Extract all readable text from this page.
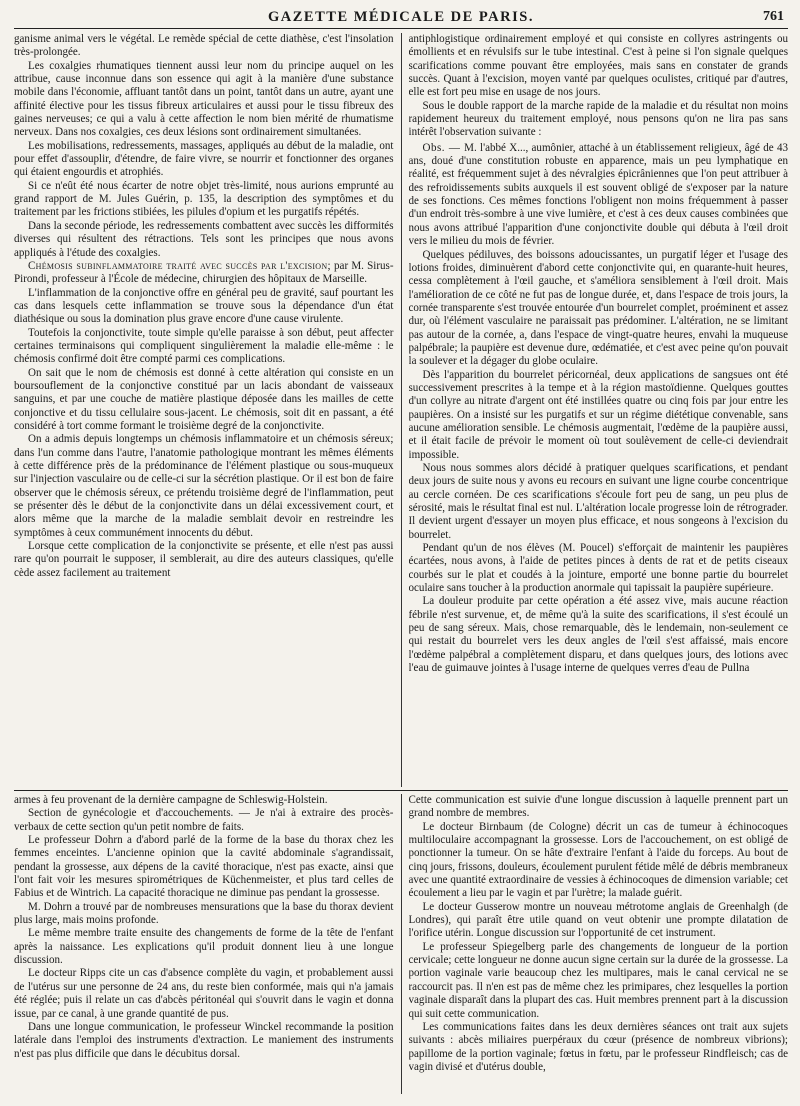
GAZETTE MÉDICALE DE PARIS.	761

ganisme animal vers le végétal. Le remède spécial de cette diathèse, c'est l'insolation très-prolongée.

Les coxalgies rhumatiques tiennent aussi leur nom du principe auquel on les attribue, cause inconnue dans son essence qui agit à la manière d'une substance mobile dans l'économie, affluant tantôt dans un point, tantôt dans un autre, ayant une affinité élective pour les tissus fibreux articulaires et aussi pour le tissu fibreux des gaines nerveuses; ce qui a valu à cette affection le nom bien mérité de rhumatisme nerveux. Dans nos coxalgies, ces deux lésions sont ordinairement simultanées.

Les mobilisations, redressements, massages, appliqués au début de la maladie, ont pour effet d'assouplir, d'étendre, de faire vivre, se nourrir et fonctionner des organes qui étaient engourdis et atrophiés.

Si ce n'eût été nous écarter de notre objet très-limité, nous aurions emprunté au grand rapport de M. Jules Guérin, p. 135, la description des symptômes et du traitement par les frictions stibiées, les pilules d'opium et les purgatifs répétés.

Dans la seconde période, les redressements combattent avec succès les difformités diverses qui résultent des rétractions. Tels sont les principes que nous avons appliqués à l'étude des coxalgies.

Chémosis subinflammatoire traité avec succès par l'excision; par M. Sirus-Pirondi, professeur à l'École de médecine, chirurgien des hôpitaux de Marseille.

L'inflammation de la conjonctive offre en général peu de gravité, sauf pourtant les cas dans lesquels cette inflammation se trouve sous la dépendance d'un état diathésique ou sous la domination plus grave encore d'une cause virulente.

Toutefois la conjonctivite, toute simple qu'elle paraisse à son début, peut affecter certaines terminaisons qui compliquent singulièrement la maladie elle-même : le chémosis confirmé doit être compté parmi ces complications.

On sait que le nom de chémosis est donné à cette altération qui consiste en un boursouflement de la conjonctive constitué par un lacis abondant de vaisseaux sanguins, et par une couche de matière plastique déposée dans les mailles de cette conjonctive et du tissu cellulaire sous-jacent. Le chémosis, soit dit en passant, a été considéré à tort comme formant le troisième degré de la conjonctivite.

On a admis depuis longtemps un chémosis inflammatoire et un chémosis séreux; dans l'un comme dans l'autre, l'anatomie pathologique montrant les mêmes éléments à cette différence près de la prédominance de l'élément plastique ou sous-muqueux sur l'injection vasculaire ou de celle-ci sur la sécrétion plastique. Or il est bon de faire observer que le chémosis séreux, ce prétendu troisième degré de l'inflammation, peut se présenter dès le début de la conjonctivite dans un délai excessivement court, et alors même que la marche de la maladie semblait devoir en restreindre les symptômes à ceux communément innocents du début.

Lorsque cette complication de la conjonctivite se présente, et elle n'est pas aussi rare qu'on pourrait le supposer, il semblerait, au dire des auteurs classiques, qu'elle cède assez facilement au traitement

antiphlogistique ordinairement employé et qui consiste en collyres astringents ou émollients et en révulsifs sur le tube intestinal. C'est à peine si l'on signale quelques scarifications comme pouvant être employées, mais sans en constater de grands succès. Quant à l'excision, moyen vanté par quelques oculistes, critiqué par d'autres, elle est fort peu mise en usage de nos jours.

Sous le double rapport de la marche rapide de la maladie et du résultat non moins rapidement heureux du traitement employé, nous pensons qu'on ne lira pas sans intérêt l'observation suivante :

Obs. — M. l'abbé X..., aumônier, attaché à un établissement religieux, âgé de 43 ans, doué d'une constitution robuste en apparence, mais un peu lymphatique en réalité, est fréquemment sujet à des névralgies épicrâniennes que l'on peut attribuer à des refroidissements subits auxquels il est souvent obligé de s'exposer par la nature de ses fonctions. Ces mêmes fonctions l'obligent non moins fréquemment à passer d'un endroit très-sombre à une vive lumière, et c'est à ces deux causes combinées que nous avons attribué l'apparition d'une conjonctivite double qui débuta à l'œil droit vers le milieu du mois de février.

Quelques pédiluves, des boissons adoucissantes, un purgatif léger et l'usage des lotions froides, diminuèrent d'abord cette conjonctivite qui, en quarante-huit heures, cessa complètement à l'œil gauche, et s'améliora sensiblement à l'œil droit. Mais l'amélioration de ce côté ne fut pas de longue durée, et, dans l'espace de trois jours, la cornée transparente s'est trouvée entourée d'un bourrelet complet, proéminent et assez dur, où l'élément vasculaire ne paraissait pas prédominer. L'altération, ne se limitant pas autour de la cornée, a, dans l'espace de vingt-quatre heures, envahi la muqueuse palpébrale; la paupière est devenue dure, œdématiée, et c'est avec peine qu'on pouvait la soulever et la dégager du globe oculaire.

Dès l'apparition du bourrelet péricornéal, deux applications de sangsues ont été successivement prescrites à la tempe et à la région mastoïdienne. Quelques gouttes d'un collyre au nitrate d'argent ont été instillées quatre ou cinq fois par jour entre les paupières. On a insisté sur les purgatifs et sur un régime diététique convenable, sans aucune amélioration sensible. Le chémosis augmentait, l'œdème de la paupière aussi, et il était facile de prévoir le moment où tout soulèvement de celle-ci deviendrait impossible.

Nous nous sommes alors décidé à pratiquer quelques scarifications, et pendant deux jours de suite nous y avons eu recours en suivant une ligne courbe concentrique au cercle cornéen. De ces scarifications s'écoule fort peu de sang, un peu plus de sérosité, mais le résultat final est nul. L'altération locale progresse loin de rétrograder. Il devient urgent d'essayer un moyen plus efficace, et nous songeons à l'excision du bourrelet.

Pendant qu'un de nos élèves (M. Poucel) s'efforçait de maintenir les paupières écartées, nous avons, à l'aide de petites pinces à dents de rat et de petits ciseaux courbés sur le plat et coudés à la jointure, emporté une bonne partie du bourrelet oculaire sans toucher à la production anormale qui tapissait la paupière supérieure.

La douleur produite par cette opération a été assez vive, mais aucune réaction fébrile n'est survenue, et, de même qu'à la suite des scarifications, il s'est écoulé un peu de sang séreux. Mais, chose remarquable, dès le lendemain, non-seulement ce qui restait du bourrelet vers les deux angles de l'œil s'est affaissé, mais encore l'œdème palpébral a complètement disparu, et dans quelques jours, des lotions avec l'eau de guimauve jointes à l'usage interne de quelques verres d'eau de Pullna

armes à feu provenant de la dernière campagne de Schleswig-Holstein.

Section de gynécologie et d'accouchements. — Je n'ai à extraire des procès-verbaux de cette section qu'un petit nombre de faits.

Le professeur Dohrn a d'abord parlé de la forme de la base du thorax chez les femmes enceintes. L'ancienne opinion que la cavité abdominale s'agrandissait, pendant la grossesse, aux dépens de la cavité thoracique, n'est pas exacte, ainsi que l'ont fait voir les mesures spirométriques de Küchenmeister, et plus tard celles de Fabius et de Wintrich. La capacité thoracique ne diminue pas pendant la grossesse.

M. Dohrn a trouvé par de nombreuses mensurations que la base du thorax devient plus large, mais moins profonde.

Le même membre traite ensuite des changements de forme de la tête de l'enfant après la naissance. Les explications qu'il produit donnent lieu à une longue discussion.

Le docteur Ripps cite un cas d'absence complète du vagin, et probablement aussi de l'utérus sur une personne de 24 ans, du reste bien conformée, mais qui n'a jamais été réglée; puis il relate un cas d'abcès péritonéal qui s'ouvrit dans le vagin et donna issue, par ce canal, à une grande quantité de pus.

Dans une longue communication, le professeur Winckel recommande la position latérale dans l'emploi des instruments d'extraction. Le maniement des instruments n'est pas plus difficile que dans le décubitus dorsal.

Cette communication est suivie d'une longue discussion à laquelle prennent part un grand nombre de membres.

Le docteur Birnbaum (de Cologne) décrit un cas de tumeur à échinocoques multiloculaire accompagnant la grossesse. Lors de l'accouchement, on est obligé de ponctionner la tumeur. On se hâte d'extraire l'enfant à l'aide du forceps. Au bout de cinq jours, frissons, douleurs, écoulement purulent fétide mêlé de débris membraneux avec une quantité extraordinaire de vessies à échinocoques de dimension variable; cet écoulement a lieu par le vagin et par l'urètre; la malade guérit.

Le docteur Gusserow montre un nouveau métrotome anglais de Greenhalgh (de Londres), qui paraît être utile quand on veut obtenir une prompte dilatation de l'orifice utérin. Longue discussion sur l'opportunité de cet instrument.

Le professeur Spiegelberg parle des changements de longueur de la portion cervicale; cette longueur ne donne aucun signe certain sur la durée de la grossesse. La portion vaginale varie beaucoup chez les multipares, mais le canal cervical ne se raccourcit pas. Il n'en est pas de même chez les primipares, chez lesquelles la portion vaginale disparaît dans la plupart des cas. Huit membres prennent part à la discussion qui suit cette communication.

Les communications faites dans les deux dernières séances ont trait aux sujets suivants : abcès miliaires puerpéraux du cœur (présence de nombreux vibrions); papillome de la portion vaginale; fœtus in fœtu, par le professeur Rindfleisch; cas de vagin divisé et d'utérus double,
